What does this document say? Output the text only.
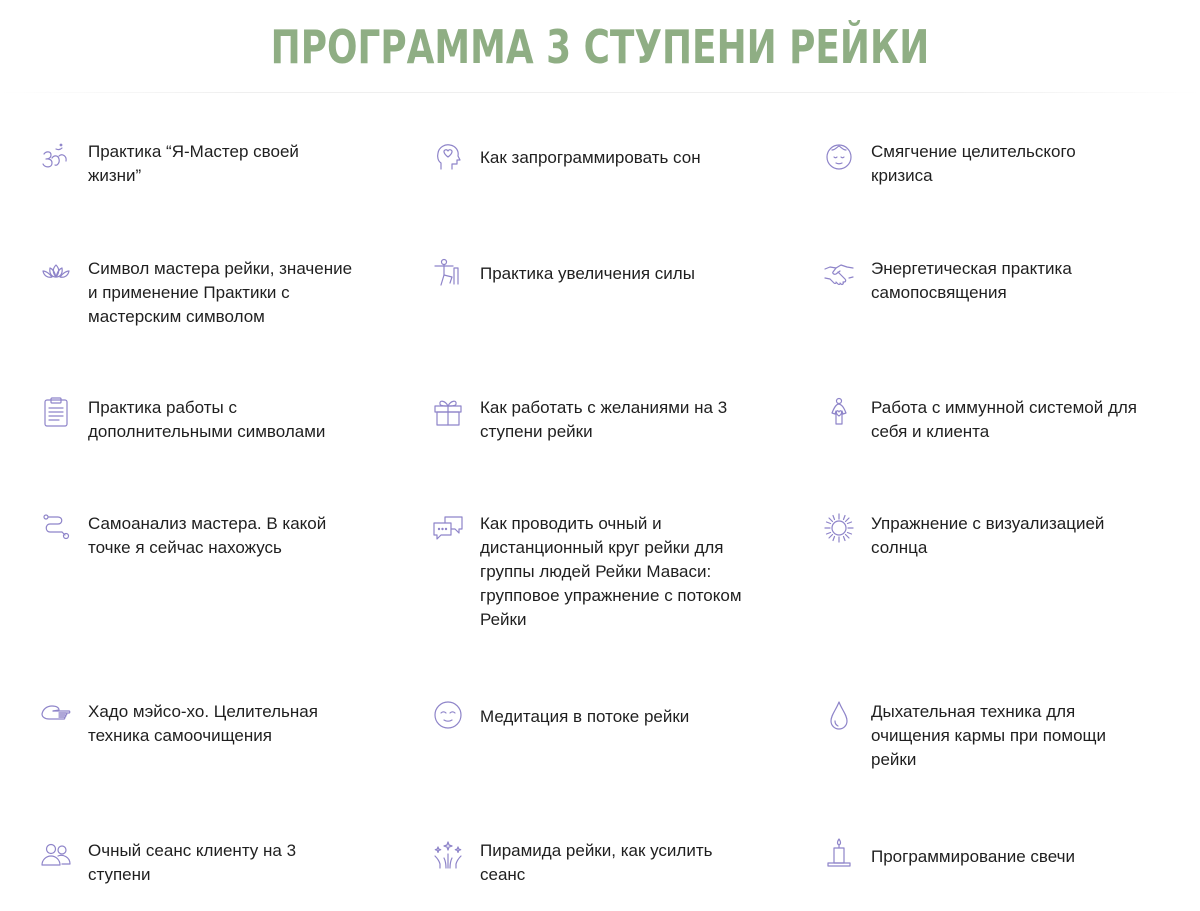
ПРОГРАММА 3 СТУПЕНИ РЕЙКИ
Практика “Я-Мастер своей
жизни”
Как запрограммировать сон	Смягчение целительского
кризиса
Символ мастера рейки, значение
и применение Практики с
мастерским символом
Практика увеличения силы	Энергетическая практика
самопосвящения
Практика работы с
дополнительными символами
Как работать с желаниями на 3
ступени рейки
Работа с иммунной системой для
себя и клиента
Самоанализ мастера. В какой
точке я сейчас нахожусь
Как проводить очный и
дистанционный круг рейки для
группы людей Рейки Маваси:
групповое упражнение с потоком
Рейки
Упражнение с визуализацией
солнца
Хадо мэйсо-хо. Целительная
техника самоочищения
Медитация в потоке рейки	Дыхательная техника для
очищения кармы при помощи
рейки
Очный сеанс клиенту на 3
ступени
Пирамида рейки, как усилить
сеанс
Программирование свечи
